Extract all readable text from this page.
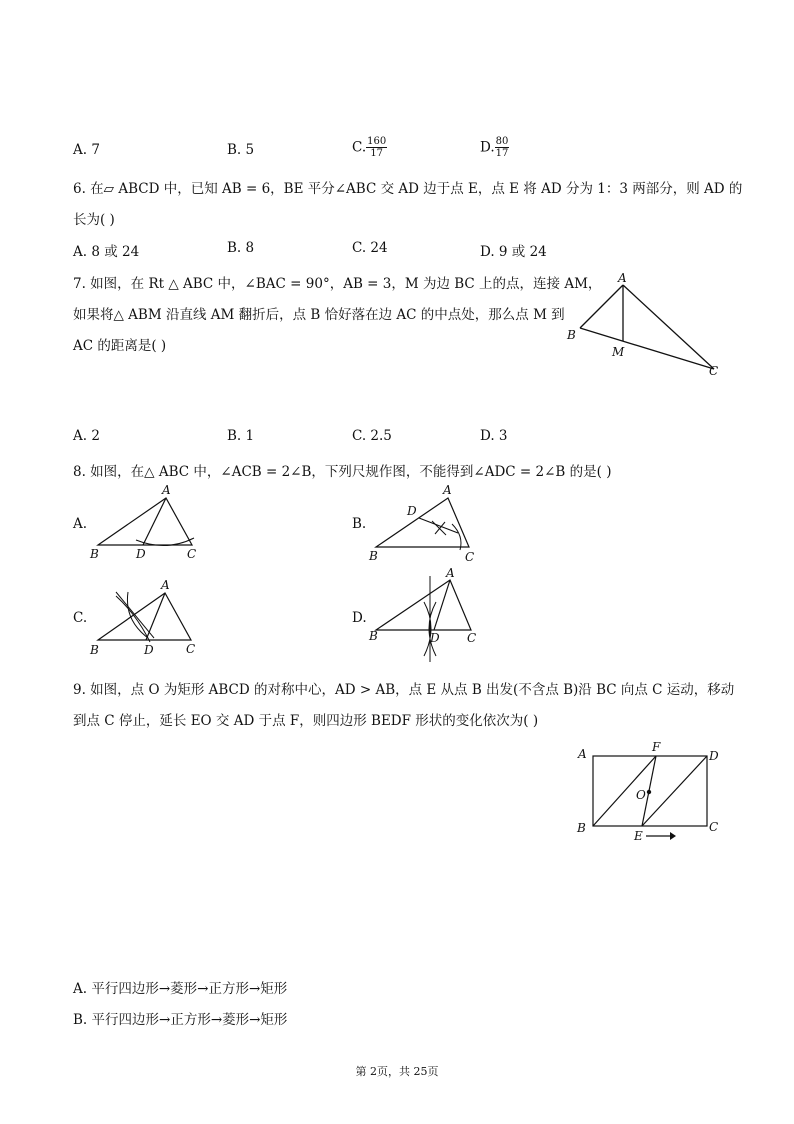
A. 7	B. 5	C. $\frac{160}{17}$	D. $\frac{80}{17}$
6. 在▱ ABCD 中，已知 AB = 6，BE 平分∠ABC 交 AD 边于点 E，点 E 将 AD 分为 1：3 两部分，则 AD 的
长为( )
A. 8 或 24	B. 8	C. 24	D. 9 或 24
7. 如图，在 Rt △ ABC 中，∠BAC = 90°，AB = 3，M 为边 BC 上的点，连接 AM，
如果将△ ABM 沿直线 AM 翻折后，点 B 恰好落在边 AC 的中点处，那么点 M 到
AC 的距离是( )
A
B
M
C
A. 2	B. 1	C. 2.5	D. 3
8. 如图，在△ ABC 中，∠ACB = 2∠B，下列尺规作图，不能得到∠ADC = 2∠B 的是( )
A.
A
B	D	C
B.
A
D
B	C
C.
A
B	D	C
D.
A
B	D C
9. 如图，点 O 为矩形 ABCD 的对称中心，AD > AB，点 E 从点 B 出发(不含点 B)沿 BC 向点 C 运动，移动
到点 C 停止，延长 EO 交 AD 于点 F，则四边形 BEDF 形状的变化依次为( )
A	F
D
O
B
E
C
A. 平行四边形→菱形→正方形→矩形
B. 平行四边形→正方形→菱形→矩形
第 2页，共 25页
